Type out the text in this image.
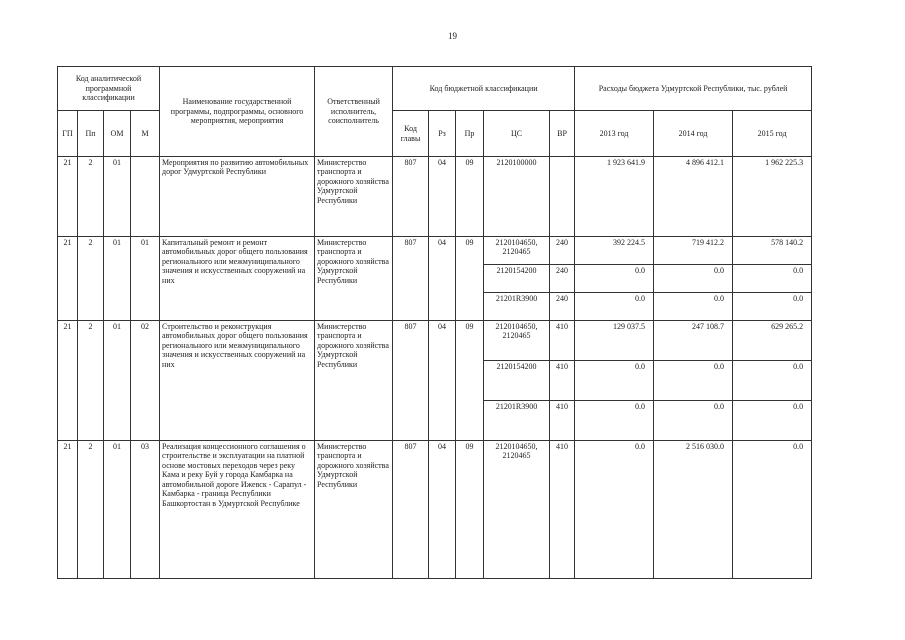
19
Код аналитической программной классификации				Наименование государственной программы, подпрограммы, основного мероприятия, мероприятия	Ответственный исполнитель, соисполнитель	Код бюджетной классификации					Расходы бюджета Удмуртской Республики, тыс. рублей		
ГП	Пп	ОМ	М			Код главы	Рз	Пр	ЦС	ВР	2013 год	2014 год	2015 год
21	2	01		Мероприятия по развитию автомобильных дорог Удмуртской Республики	Министерство транспорта и дорожного хозяйства Удмуртской Республики	807	04	09	2120100000		1 923 641.9	4 896 412.1	1 962 225.3
21	2	01	01	Капитальный ремонт и ремонт автомобильных дорог общего пользования регионального или межмуниципального значения и искусственных сооружений на них	Министерство транспорта и дорожного хозяйства Удмуртской Республики	807	04	09	2120104650, 2120465	240	392 224.5	719 412.2	578 140.2
									2120154200	240	0.0	0.0	0.0
									21201R3900	240	0.0	0.0	0.0
21	2	01	02	Строительство и реконструкция автомобильных дорог общего пользования регионального или межмуниципального значения и искусственных сооружений на них	Министерство транспорта и дорожного хозяйства Удмуртской Республики	807	04	09	2120104650, 2120465	410	129 037.5	247 108.7	629 265.2
									2120154200	410	0.0	0.0	0.0
									21201R3900	410	0.0	0.0	0.0
21	2	01	03	Реализация концессионного соглашения о строительстве и эксплуатации на платной основе мостовых переходов через реку Кама и реку Буй у города Камбарка на автомобильной дороге Ижевск - Сарапул - Камбарка - граница Республики Башкортостан в Удмуртской Республике	Министерство транспорта и дорожного хозяйства Удмуртской Республики	807	04	09	2120104650, 2120465	410	0.0	2 516 030.0	0.0
